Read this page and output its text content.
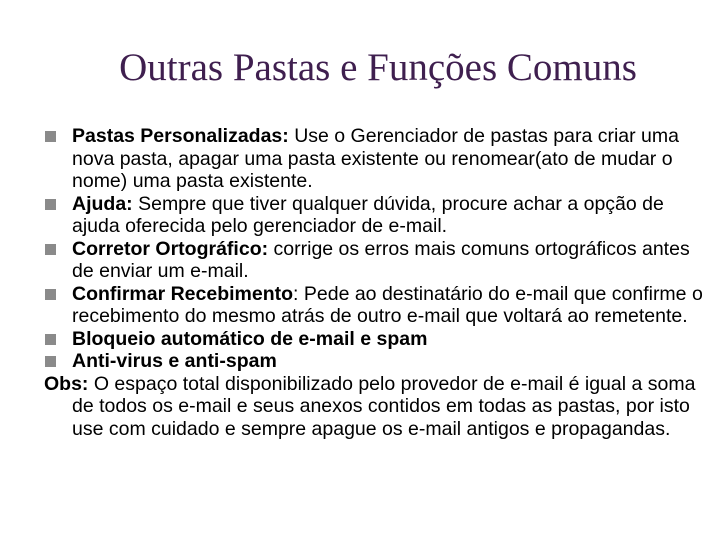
Outras Pastas e Funções Comuns
Pastas Personalizadas: Use o Gerenciador de pastas para criar uma nova pasta, apagar uma pasta existente ou renomear(ato de mudar o nome) uma pasta existente.
Ajuda: Sempre que tiver qualquer dúvida, procure achar a opção de ajuda oferecida pelo gerenciador de e-mail.
Corretor Ortográfico: corrige os erros mais comuns ortográficos antes de enviar um e-mail.
Confirmar Recebimento: Pede ao destinatário do e-mail que confirme o recebimento do mesmo atrás de outro e-mail que voltará ao remetente.
Bloqueio automático de e-mail e spam
Anti-virus e anti-spam
Obs: O espaço total disponibilizado pelo provedor de e-mail é igual a soma de todos os e-mail e seus anexos contidos em todas as pastas, por isto use com cuidado e sempre apague os e-mail antigos e propagandas.
